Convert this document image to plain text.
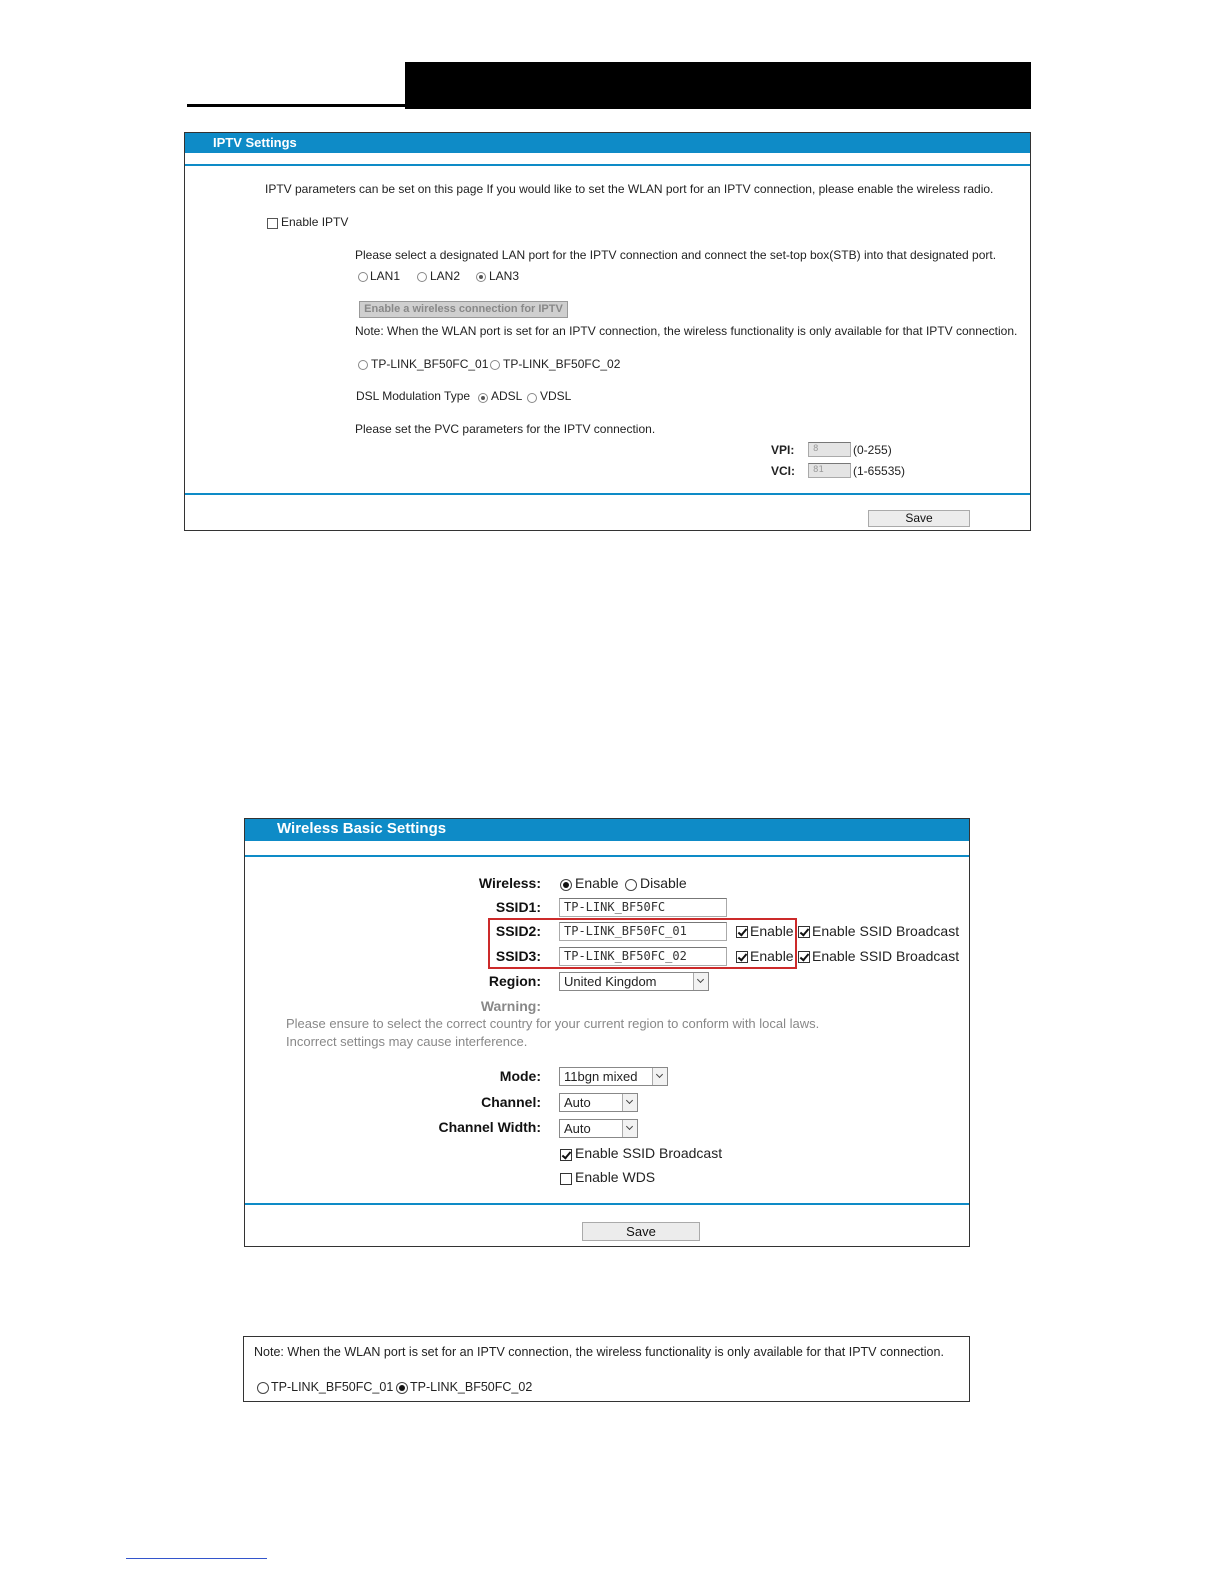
IPTV Settings
IPTV parameters can be set on this page If you would like to set the WLAN port for an IPTV connection, please enable the wireless radio.
Enable IPTV
Please select a designated LAN port for the IPTV connection and connect the set-top box(STB) into that designated port.
LAN1 LAN2 LAN3
Enable a wireless connection for IPTV
Note: When the WLAN port is set for an IPTV connection, the wireless functionality is only available for that IPTV connection.
TP-LINK_BF50FC_01 TP-LINK_BF50FC_02
DSL Modulation Type ADSL VDSL
Please set the PVC parameters for the IPTV connection.
VPI:	8	(0-255)
VCI:	81	(1-65535)
Save
Wireless Basic Settings
Wireless: Enable Disable
SSID1:	TP-LINK_BF50FC
SSID2:	TP-LINK_BF50FC_01	Enable Enable SSID Broadcast
SSID3:	TP-LINK_BF50FC_02	Enable Enable SSID Broadcast
Region:	United Kingdom
Warning:
Please ensure to select the correct country for your current region to conform with local laws.
Incorrect settings may cause interference.
Mode:	11bgn mixed
Channel:	Auto
Channel Width:	Auto
Enable SSID Broadcast
Enable WDS
Save
Note: When the WLAN port is set for an IPTV connection, the wireless functionality is only available for that IPTV connection.
TP-LINK_BF50FC_01 TP-LINK_BF50FC_02
